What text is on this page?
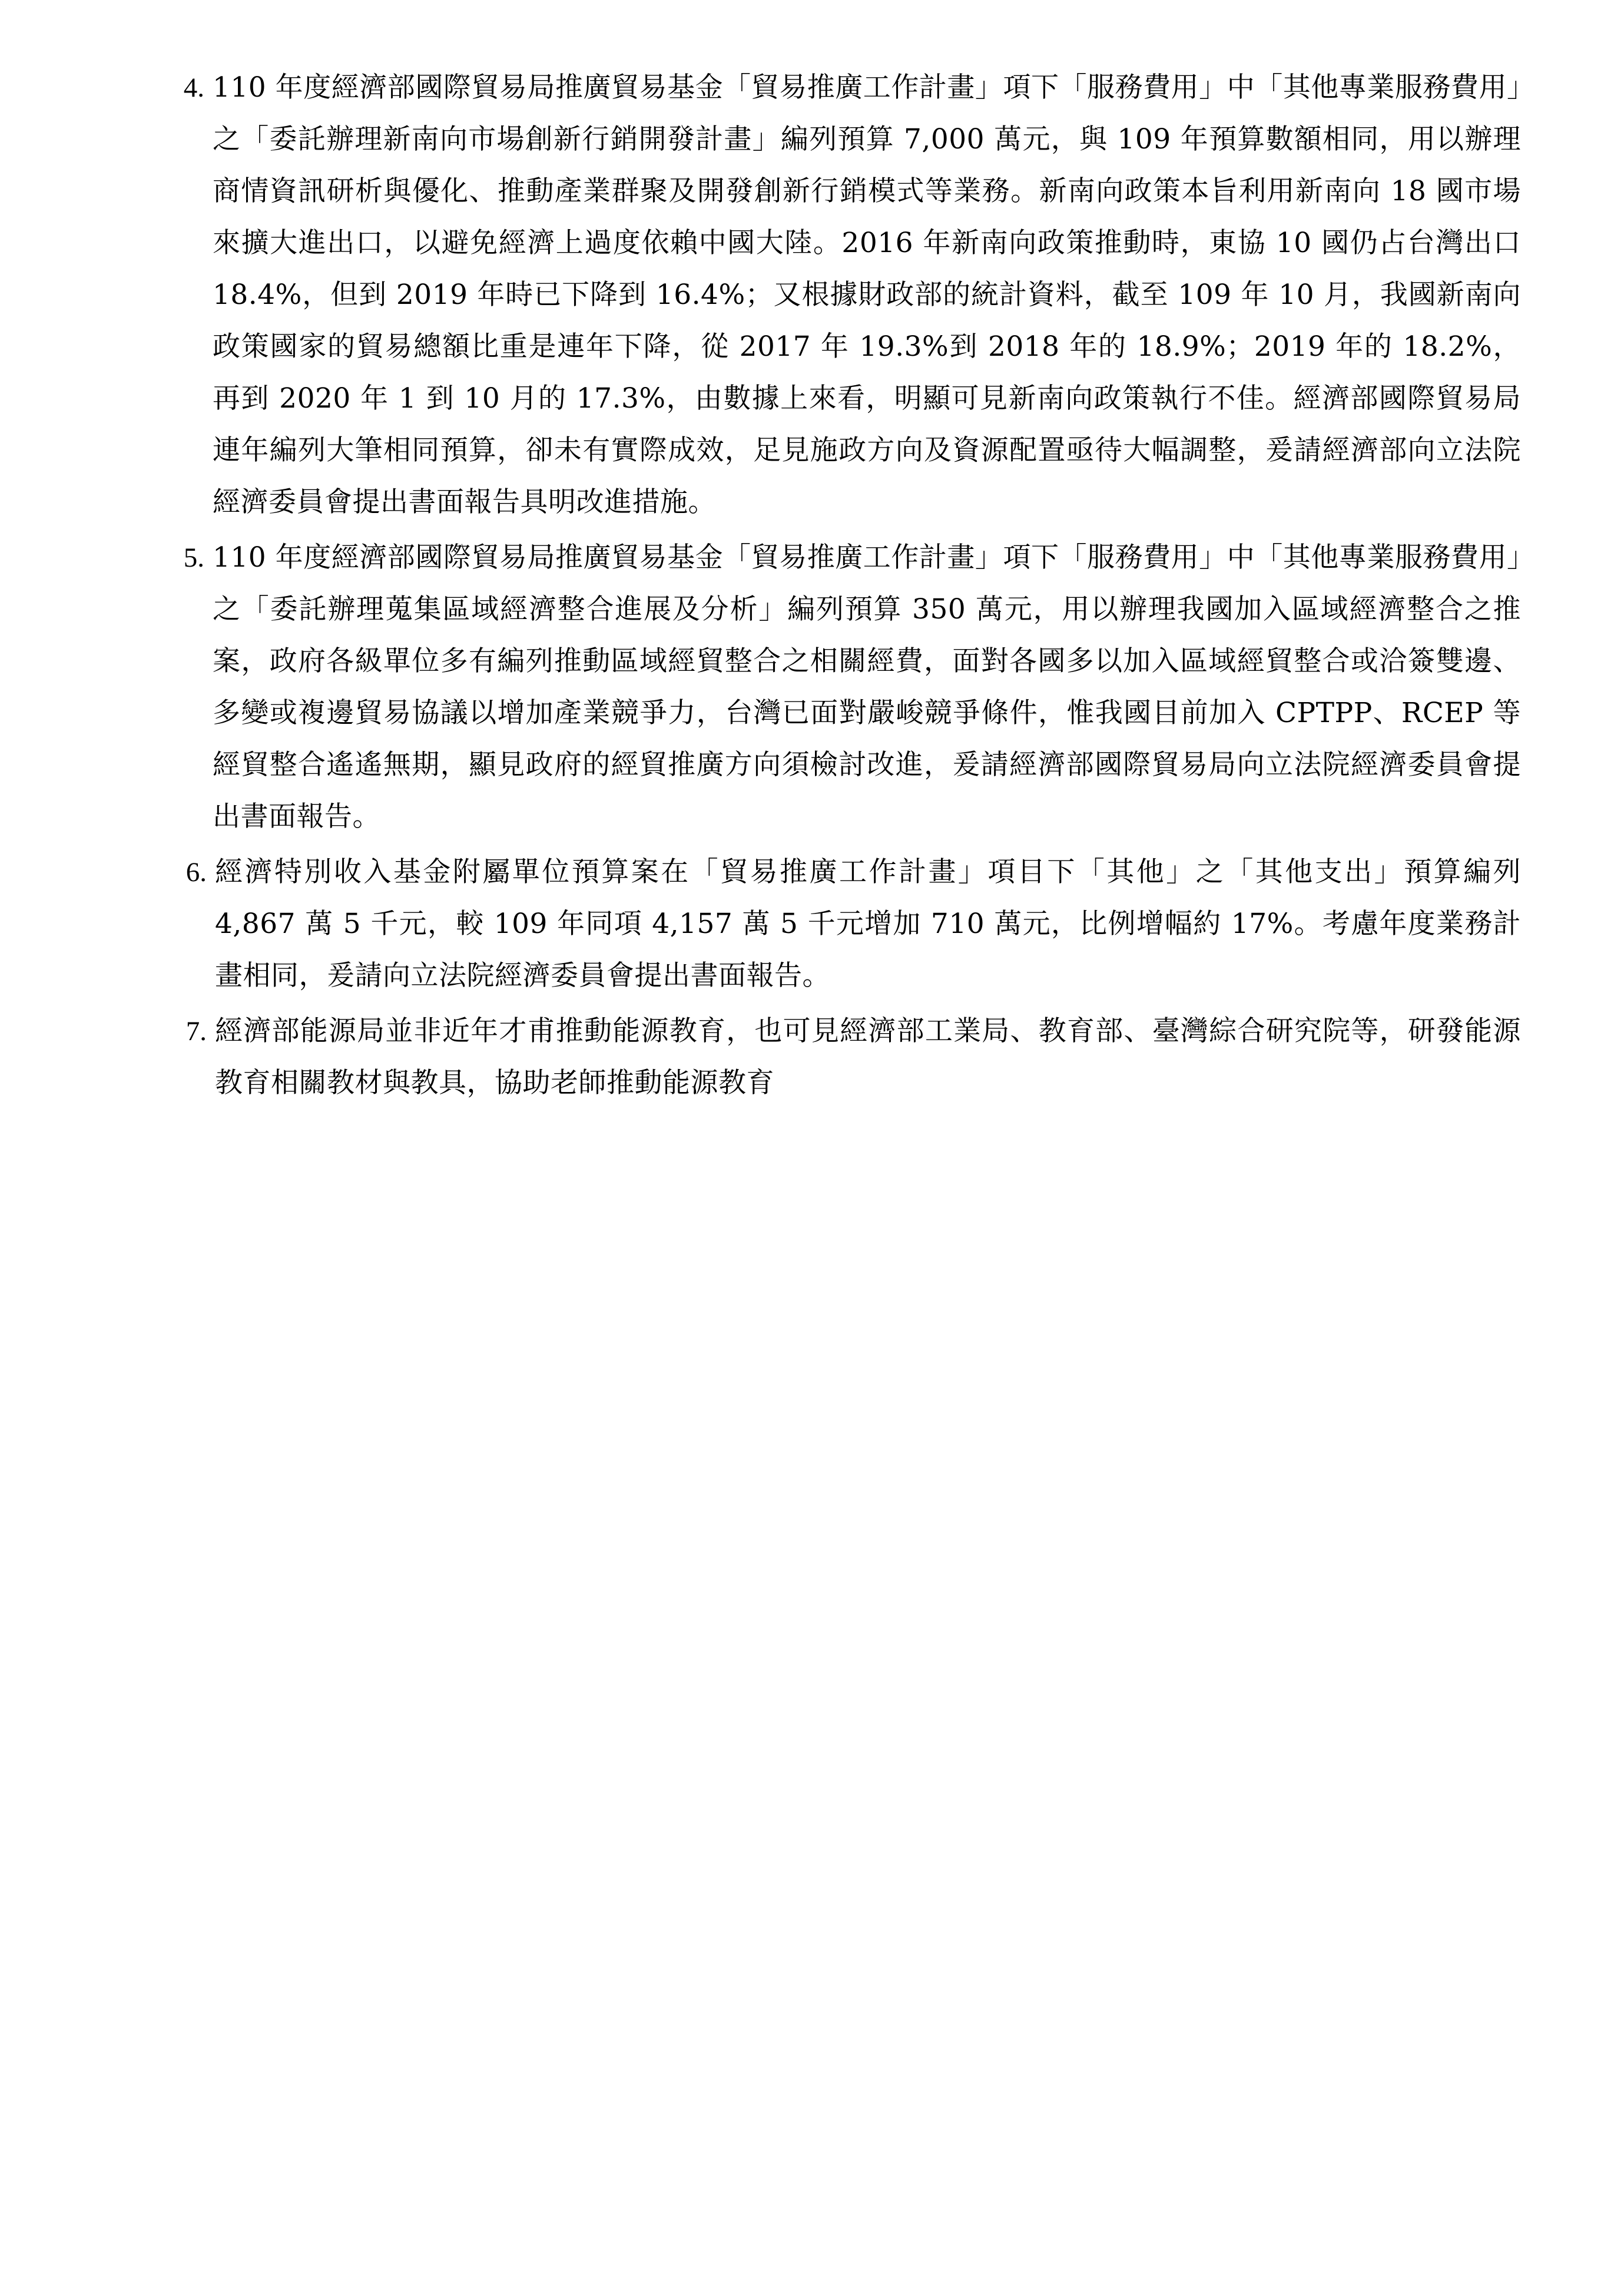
4. 110 年度經濟部國際貿易局推廣貿易基金「貿易推廣工作計畫」項下「服務費用」中「其他專業服務費用」之「委託辦理新南向市場創新行銷開發計畫」編列預算 7,000 萬元，與 109 年預算數額相同，用以辦理商情資訊研析與優化、推動產業群聚及開發創新行銷模式等業務。新南向政策本旨利用新南向 18 國市場來擴大進出口，以避免經濟上過度依賴中國大陸。2016 年新南向政策推動時，東協 10 國仍占台灣出口 18.4%，但到 2019 年時已下降到 16.4%；又根據財政部的統計資料，截至 109 年 10 月，我國新南向政策國家的貿易總額比重是連年下降，從 2017 年 19.3%到 2018 年的 18.9%；2019 年的 18.2%，再到 2020 年 1 到 10 月的 17.3%，由數據上來看，明顯可見新南向政策執行不佳。經濟部國際貿易局連年編列大筆相同預算，卻未有實際成效，足見施政方向及資源配置亟待大幅調整，爰請經濟部向立法院經濟委員會提出書面報告具明改進措施。
5. 110 年度經濟部國際貿易局推廣貿易基金「貿易推廣工作計畫」項下「服務費用」中「其他專業服務費用」之「委託辦理蒐集區域經濟整合進展及分析」編列預算 350 萬元，用以辦理我國加入區域經濟整合之推案，政府各級單位多有編列推動區域經貿整合之相關經費，面對各國多以加入區域經貿整合或洽簽雙邊、多變或複邊貿易協議以增加產業競爭力，台灣已面對嚴峻競爭條件，惟我國目前加入 CPTPP、RCEP 等經貿整合遙遙無期，顯見政府的經貿推廣方向須檢討改進，爰請經濟部國際貿易局向立法院經濟委員會提出書面報告。
6. 經濟特別收入基金附屬單位預算案在「貿易推廣工作計畫」項目下「其他」之「其他支出」預算編列 4,867 萬 5 千元，較 109 年同項 4,157 萬 5 千元增加 710 萬元，比例增幅約 17%。考慮年度業務計畫相同，爰請向立法院經濟委員會提出書面報告。
7. 經濟部能源局並非近年才甫推動能源教育，也可見經濟部工業局、教育部、臺灣綜合研究院等，研發能源教育相關教材與教具，協助老師推動能源教育
